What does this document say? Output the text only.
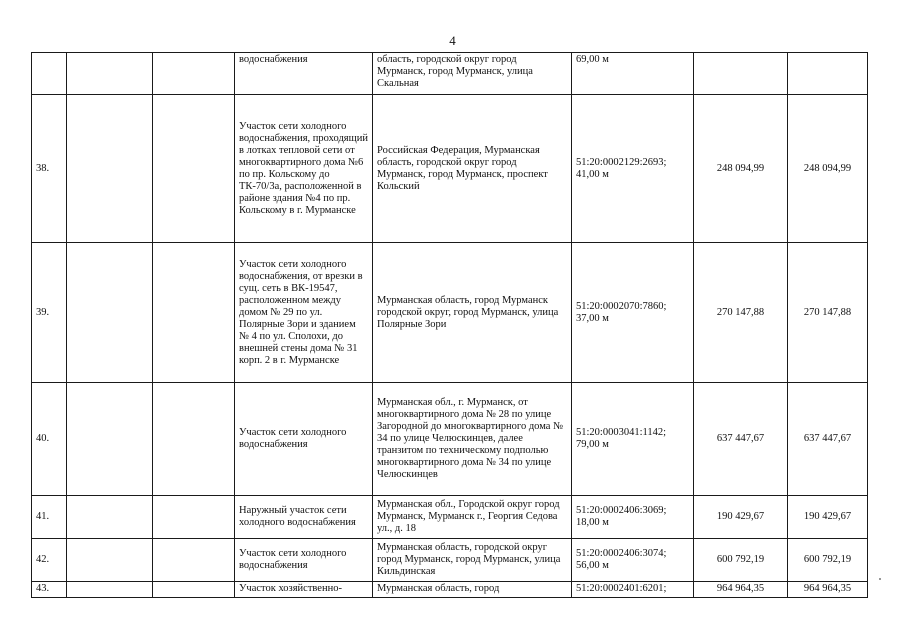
4
			водоснабжения	область, городской округ город Мурманск, город Мурманск, улица Скальная	69,00 м		
38.			Участок сети холодного водоснабжения, проходящий в лотках тепловой сети от многоквартирного дома №6 по пр. Кольскому до ТК-70/3а, расположенной в районе здания №4 по пр. Кольскому в г. Мурманске	Российская Федерация, Мурманская область, городской округ город Мурманск, город Мурманск, проспект Кольский	51:20:0002129:2693; 41,00 м	248 094,99	248 094,99
39.			Участок сети холодного водоснабжения, от врезки в сущ. сеть в ВК-19547, расположенном между домом № 29 по ул. Полярные Зори и зданием № 4 по ул. Сполохи, до внешней стены дома № 31 корп. 2 в г. Мурманске	Мурманская область, город Мурманск городской округ, город Мурманск, улица Полярные Зори	51:20:0002070:7860; 37,00 м	270 147,88	270 147,88
40.			Участок сети холодного водоснабжения	Мурманская обл., г. Мурманск, от многоквартирного дома № 28 по улице Загородной до многоквартирного дома № 34 по улице Челюскинцев, далее транзитом по техническому подполью многоквартирного дома № 34 по улице Челюскинцев	51:20:0003041:1142; 79,00 м	637 447,67	637 447,67
41.			Наружный участок сети холодного водоснабжения	Мурманская обл., Городской округ город Мурманск, Мурманск г., Георгия Седова ул., д. 18	51:20:0002406:3069; 18,00 м	190 429,67	190 429,67
42.			Участок сети холодного водоснабжения	Мурманская область, городской округ город Мурманск, город Мурманск, улица Кильдинская	51:20:0002406:3074; 56,00 м	600 792,19	600 792,19
43.			Участок хозяйственно-	Мурманская область, город	51:20:0002401:6201;	964 964,35	964 964,35
